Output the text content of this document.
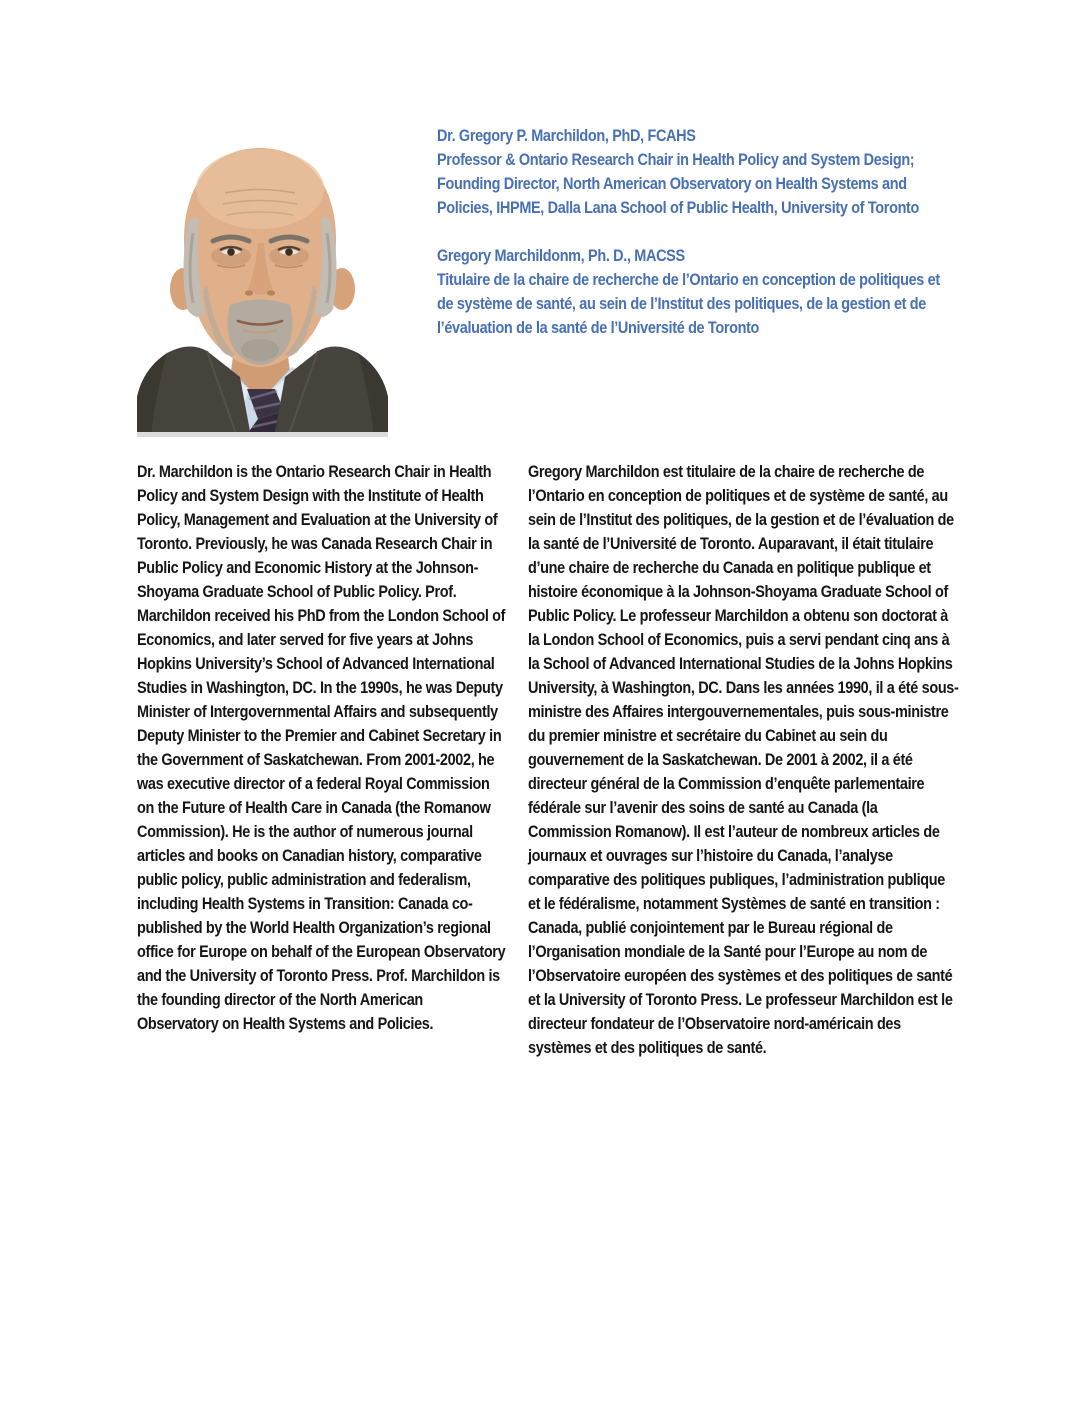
Dr. Gregory P. Marchildon, PhD, FCAHS
Professor & Ontario Research Chair in Health Policy and System Design; Founding Director, North American Observatory on Health Systems and Policies, IHPME, Dalla Lana School of Public Health, University of Toronto

Gregory Marchildonm, Ph. D., MACSS
Titulaire de la chaire de recherche de l’Ontario en conception de politiques et de système de santé, au sein de l’Institut des politiques, de la gestion et de l’évaluation de la santé de l’Université de Toronto

Dr. Marchildon is the Ontario Research Chair in Health Policy and System Design with the Institute of Health Policy, Management and Evaluation at the University of Toronto. Previously, he was Canada Research Chair in Public Policy and Economic History at the Johnson-Shoyama Graduate School of Public Policy. Prof. Marchildon received his PhD from the London School of Economics, and later served for five years at Johns Hopkins University’s School of Advanced International Studies in Washington, DC. In the 1990s, he was Deputy Minister of Intergovernmental Affairs and subsequently Deputy Minister to the Premier and Cabinet Secretary in the Government of Saskatchewan. From 2001-2002, he was executive director of a federal Royal Commission on the Future of Health Care in Canada (the Romanow Commission). He is the author of numerous journal articles and books on Canadian history, comparative public policy, public administration and federalism, including Health Systems in Transition: Canada co-published by the World Health Organization’s regional office for Europe on behalf of the European Observatory and the University of Toronto Press. Prof. Marchildon is the founding director of the North American Observatory on Health Systems and Policies.
Gregory Marchildon est titulaire de la chaire de recherche de l’Ontario en conception de politiques et de système de santé, au sein de l’Institut des politiques, de la gestion et de l’évaluation de la santé de l’Université de Toronto. Auparavant, il était titulaire d’une chaire de recherche du Canada en politique publique et histoire économique à la Johnson-Shoyama Graduate School of Public Policy. Le professeur Marchildon a obtenu son doctorat à la London School of Economics, puis a servi pendant cinq ans à la School of Advanced International Studies de la Johns Hopkins University, à Washington, DC. Dans les années 1990, il a été sous-ministre des Affaires intergouvernementales, puis sous-ministre du premier ministre et secrétaire du Cabinet au sein du gouvernement de la Saskatchewan. De 2001 à 2002, il a été directeur général de la Commission d’enquête parlementaire fédérale sur l’avenir des soins de santé au Canada (la Commission Romanow). Il est l’auteur de nombreux articles de journaux et ouvrages sur l’histoire du Canada, l’analyse comparative des politiques publiques, l’administration publique et le fédéralisme, notamment Systèmes de santé en transition : Canada, publié conjointement par le Bureau régional de l’Organisation mondiale de la Santé pour l’Europe au nom de l’Observatoire européen des systèmes et des politiques de santé et la University of Toronto Press. Le professeur Marchildon est le directeur fondateur de l’Observatoire nord-américain des systèmes et des politiques de santé.
